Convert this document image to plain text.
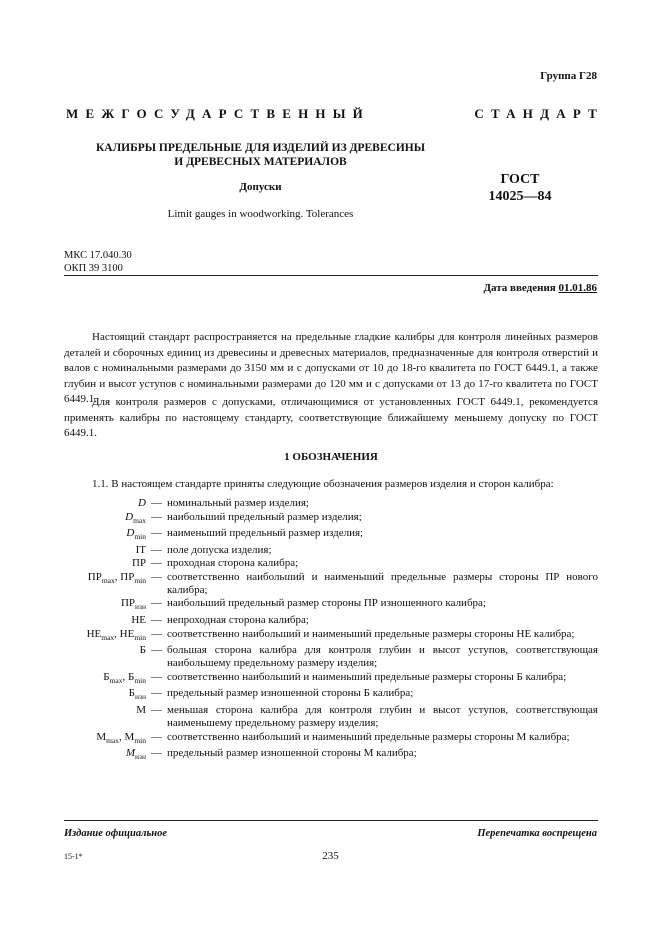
Группа Г28
МЕЖГОСУДАРСТВЕННЫЙ	СТАНДАРТ
КАЛИБРЫ ПРЕДЕЛЬНЫЕ ДЛЯ ИЗДЕЛИЙ ИЗ ДРЕВЕСИНЫ
И ДРЕВЕСНЫХ МАТЕРИАЛОВ
Допуски	ГОСТ
14025—84
Limit gauges in woodworking. Tolerances
МКС 17.040.30
ОКП 39 3100
Дата введения 01.01.86
Настоящий стандарт распространяется на предельные гладкие калибры для контроля линейных размеров деталей и сборочных единиц из древесины и древесных материалов, предназначенные для контроля отверстий и валов с номинальными размерами до 3150 мм и с допусками от 10 до 18-го квалитета по ГОСТ 6449.1, а также глубин и высот уступов с номинальными размерами до 120 мм и с допусками от 13 до 17-го квалитета по ГОСТ 6449.1.
Для контроля размеров с допусками, отличающимися от установленных ГОСТ 6449.1, рекомендуется применять калибры по настоящему стандарту, соответствующие ближайшему меньшему допуску по ГОСТ 6449.1.
1 ОБОЗНАЧЕНИЯ
1.1. В настоящем стандарте приняты следующие обозначения размеров изделия и сторон калибра:
D — номинальный размер изделия;
$D_{max}$ — наибольший предельный размер изделия;
$D_{min}$ — наименьший предельный размер изделия;
IT — поле допуска изделия;
ПР — проходная сторона калибра;
$ПР_{max}$, $ПР_{min}$ — соответственно наибольший и наименьший предельные размеры стороны ПР нового калибра;
$ПР_{изн}$ — наибольший предельный размер стороны ПР изношенного калибра;
НЕ — непроходная сторона калибра;
$НЕ_{max}$, $НЕ_{min}$ — соответственно наибольший и наименьший предельные размеры стороны НЕ калибра;
Б — большая сторона калибра для контроля глубин и высот уступов, соответствующая наибольшему предельному размеру изделия;
$Б_{max}$, $Б_{min}$ — соответственно наибольший и наименьший предельные размеры стороны Б калибра;
$Б_{изн}$ — предельный размер изношенной стороны Б калибра;
М — меньшая сторона калибра для контроля глубин и высот уступов, соответствующая наименьшему предельному размеру изделия;
$М_{max}$, $М_{min}$ — соответственно наибольший и наименьший предельные размеры стороны М калибра;
$М_{изн}$ — предельный размер изношенной стороны М калибра;
Издание официальное	Перепечатка воспрещена
235
15-1*
